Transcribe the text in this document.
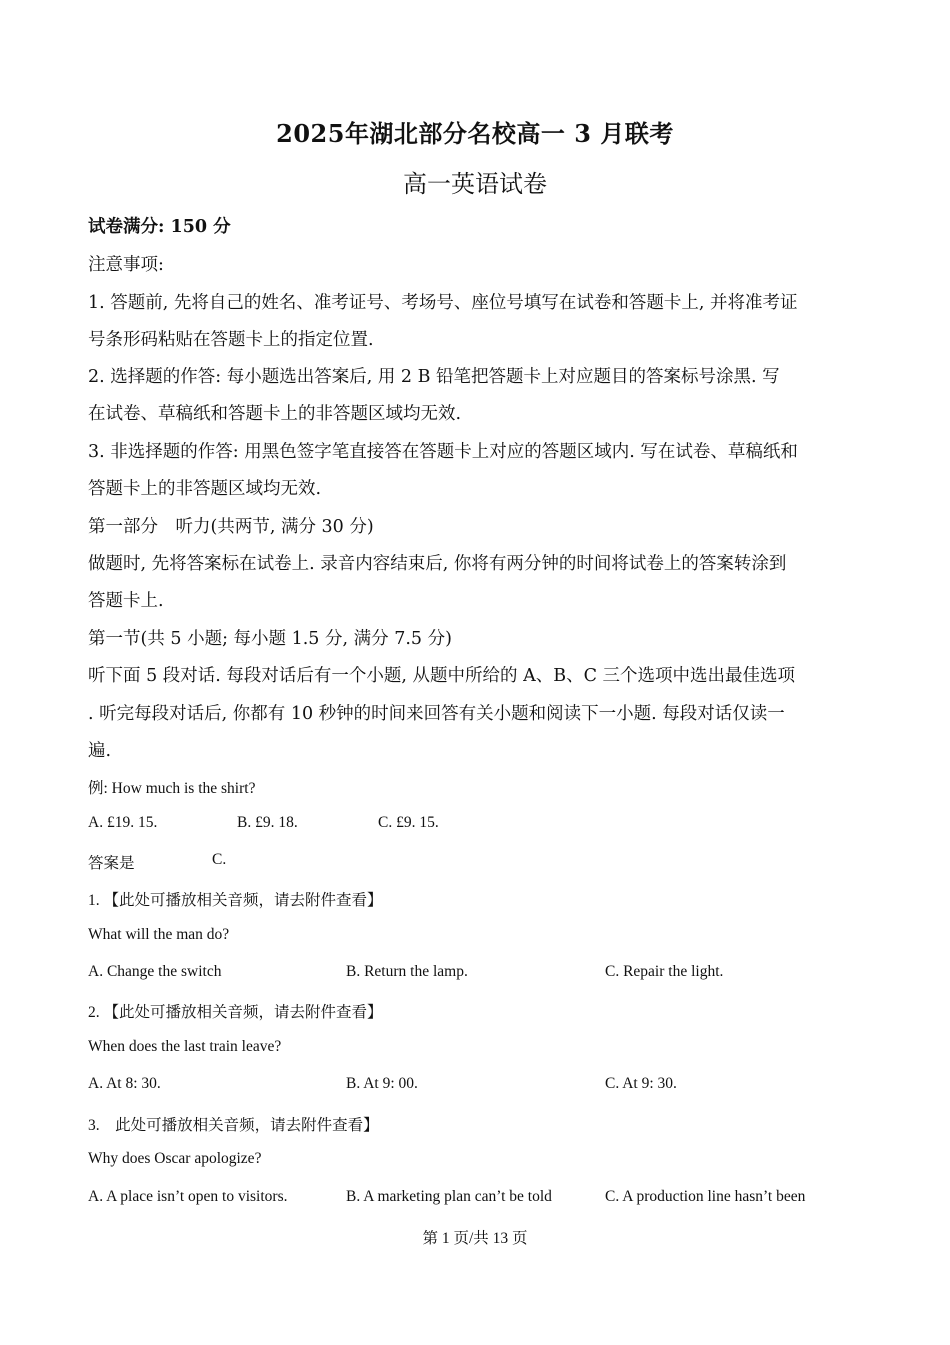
2025年湖北部分名校高一 3 月联考
高一英语试卷
试卷满分: 150 分
注意事项:
1. 答题前, 先将自己的姓名、准考证号、考场号、座位号填写在试卷和答题卡上, 并将准考证
号条形码粘贴在答题卡上的指定位置.
2. 选择题的作答: 每小题选出答案后, 用 2 B 铅笔把答题卡上对应题目的答案标号涂黑. 写
在试卷、草稿纸和答题卡上的非答题区域均无效.
3. 非选择题的作答: 用黑色签字笔直接答在答题卡上对应的答题区域内. 写在试卷、草稿纸和
答题卡上的非答题区域均无效.
第一部分　听力(共两节, 满分 30 分)
做题时, 先将答案标在试卷上. 录音内容结束后, 你将有两分钟的时间将试卷上的答案转涂到
答题卡上.
第一节(共 5 小题; 每小题 1.5 分, 满分 7.5 分)
听下面 5 段对话. 每段对话后有一个小题, 从题中所给的 A、B、C 三个选项中选出最佳选项
. 听完每段对话后, 你都有 10 秒钟的时间来回答有关小题和阅读下一小题. 每段对话仅读一
遍.
例: How much is the shirt?
A. £19. 15.	B. £9. 18.	C. £9. 15.
答案是	C.
1. 【此处可播放相关音频，请去附件查看】
What will the man do?
A. Change the switch	B. Return the lamp.	C. Repair the light.
2. 【此处可播放相关音频，请去附件查看】
When does the last train leave?
A. At 8: 30.	B. At 9: 00.	C. At 9: 30.
3.　此处可播放相关音频，请去附件查看】
Why does Oscar apologize?
A. A place isn’t open to visitors.	B. A marketing plan can’t be told	C. A production line hasn’t been
第 1 页/共 13 页
